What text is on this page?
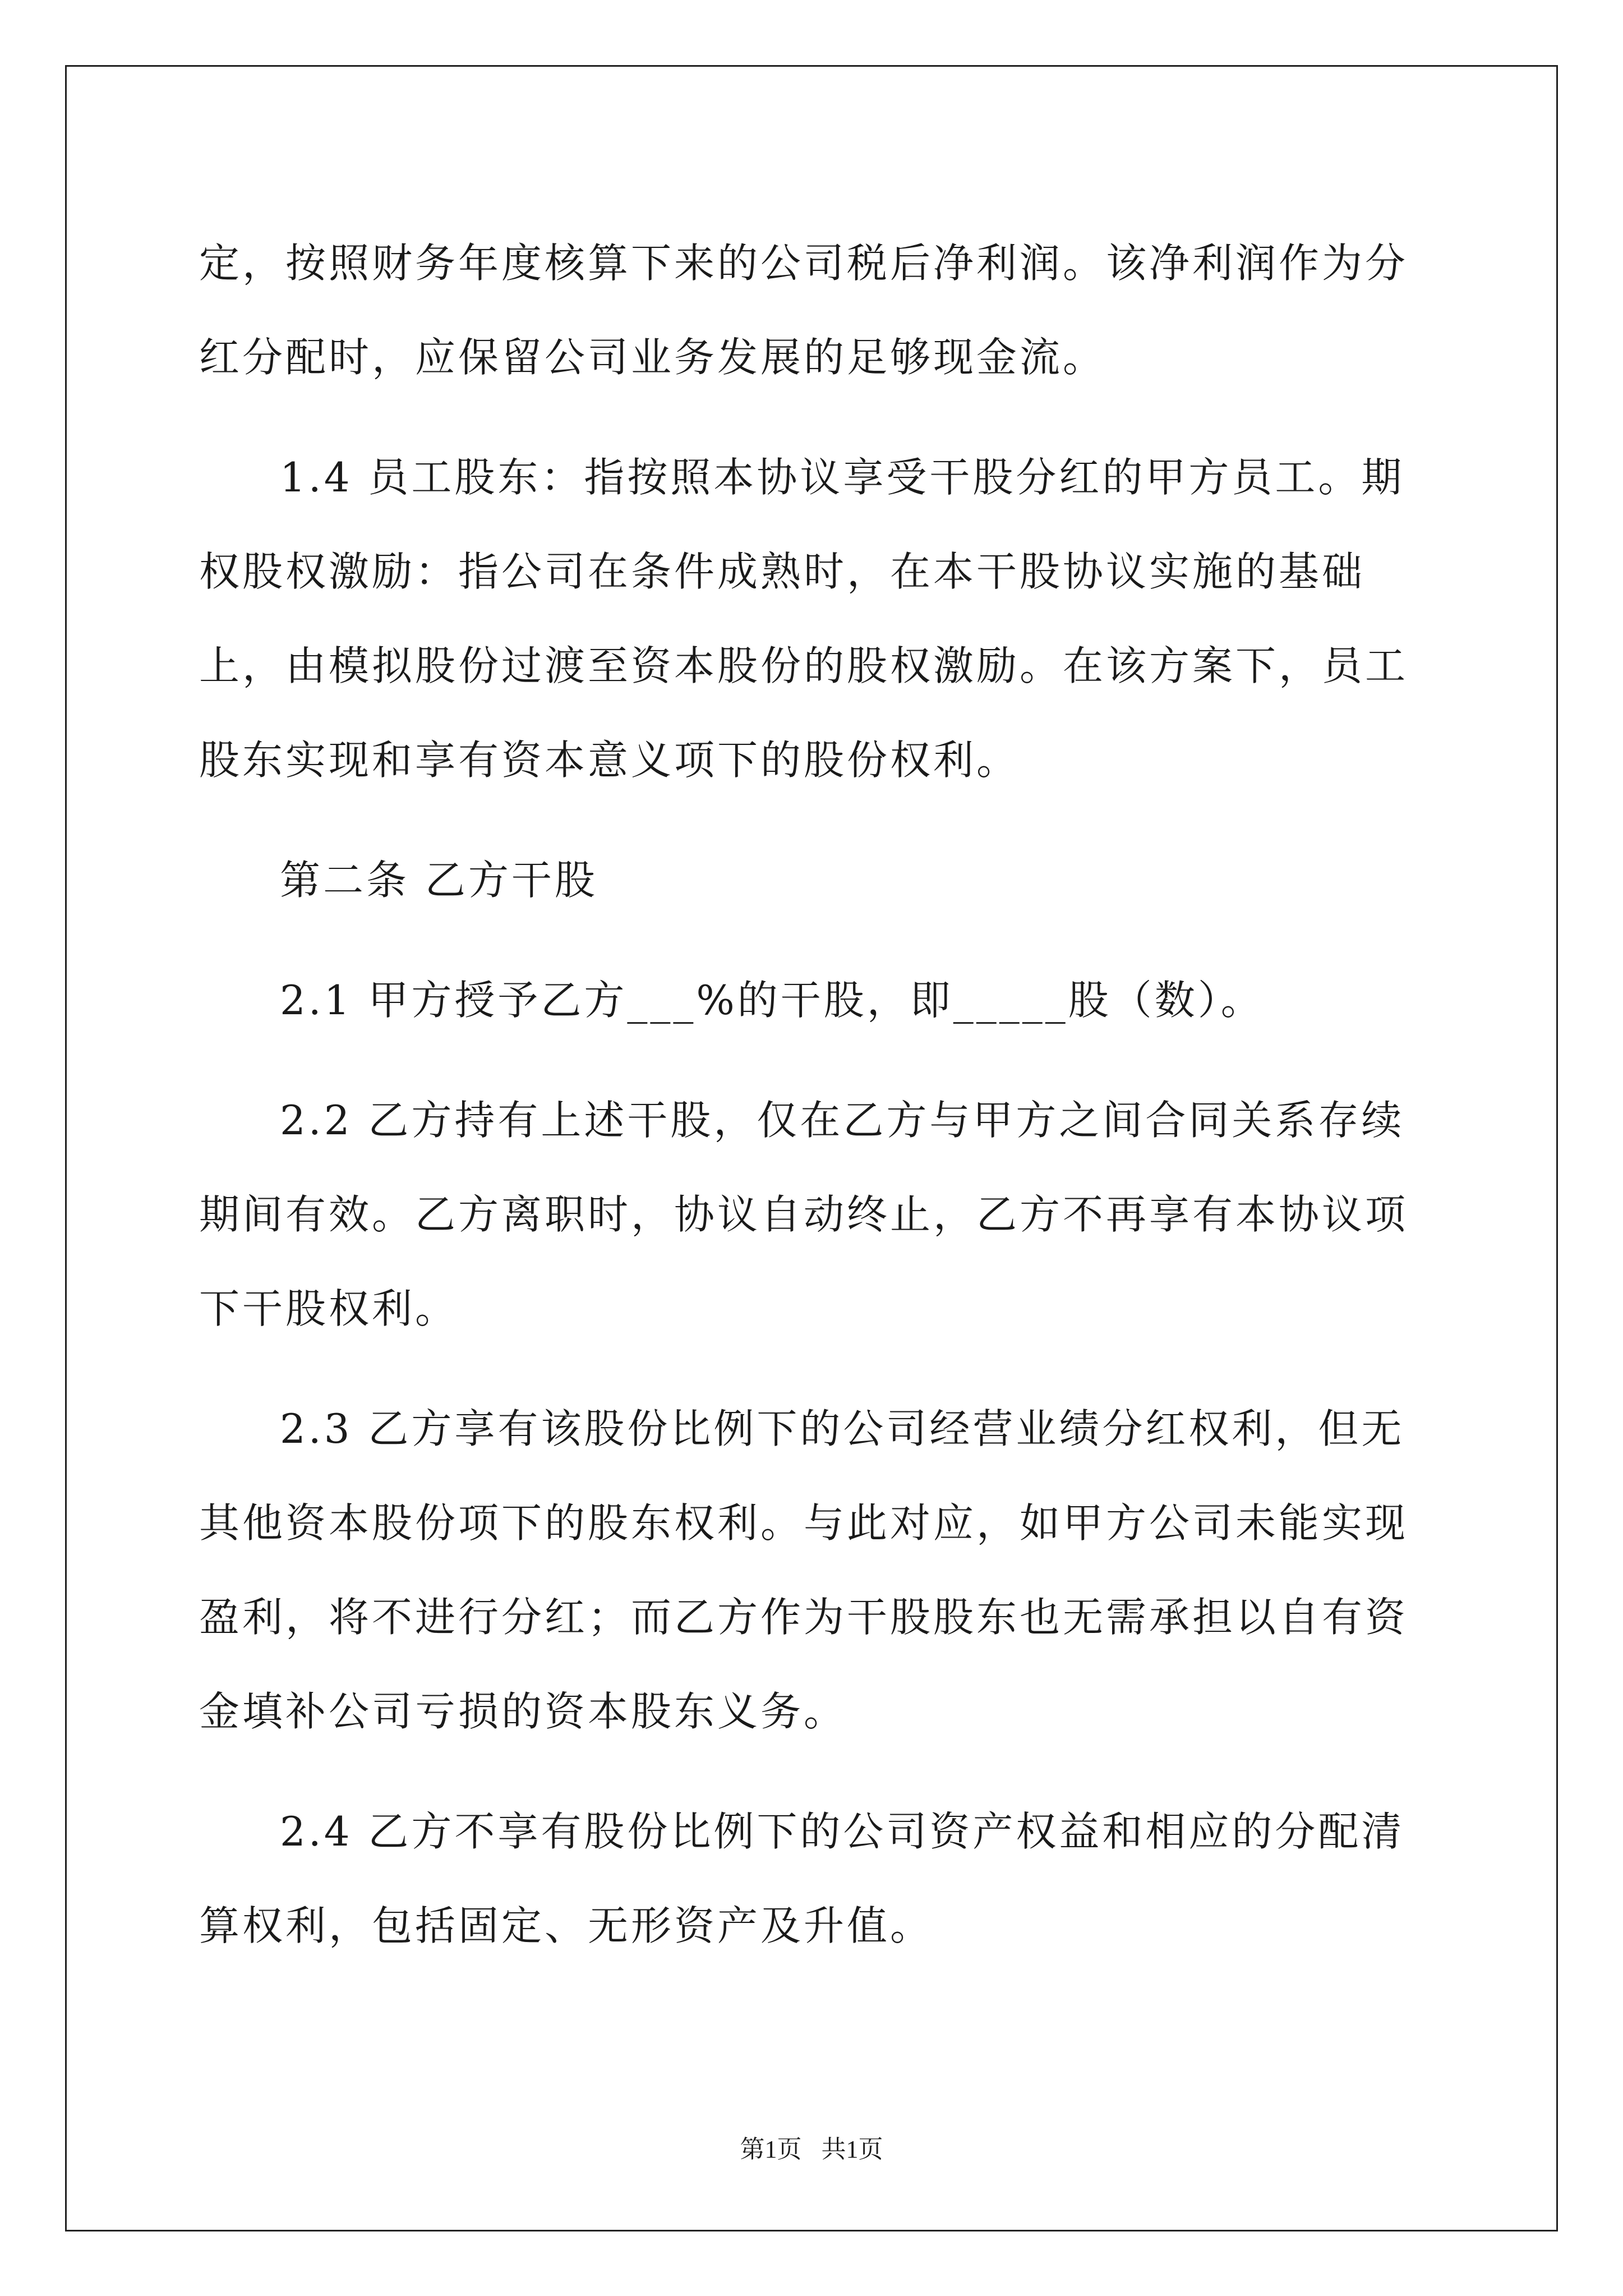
定，按照财务年度核算下来的公司税后净利润。该净利润作为分红分配时，应保留公司业务发展的足够现金流。

1.4 员工股东：指按照本协议享受干股分红的甲方员工。期权股权激励：指公司在条件成熟时，在本干股协议实施的基础上，由模拟股份过渡至资本股份的股权激励。在该方案下，员工股东实现和享有资本意义项下的股份权利。

第二条 乙方干股

2.1 甲方授予乙方___%的干股，即_____股（数）。

2.2 乙方持有上述干股，仅在乙方与甲方之间合同关系存续期间有效。乙方离职时，协议自动终止，乙方不再享有本协议项下干股权利。

2.3 乙方享有该股份比例下的公司经营业绩分红权利，但无其他资本股份项下的股东权利。与此对应，如甲方公司未能实现盈利，将不进行分红；而乙方作为干股股东也无需承担以自有资金填补公司亏损的资本股东义务。

2.4 乙方不享有股份比例下的公司资产权益和相应的分配清算权利，包括固定、无形资产及升值。

第1页 共1页
